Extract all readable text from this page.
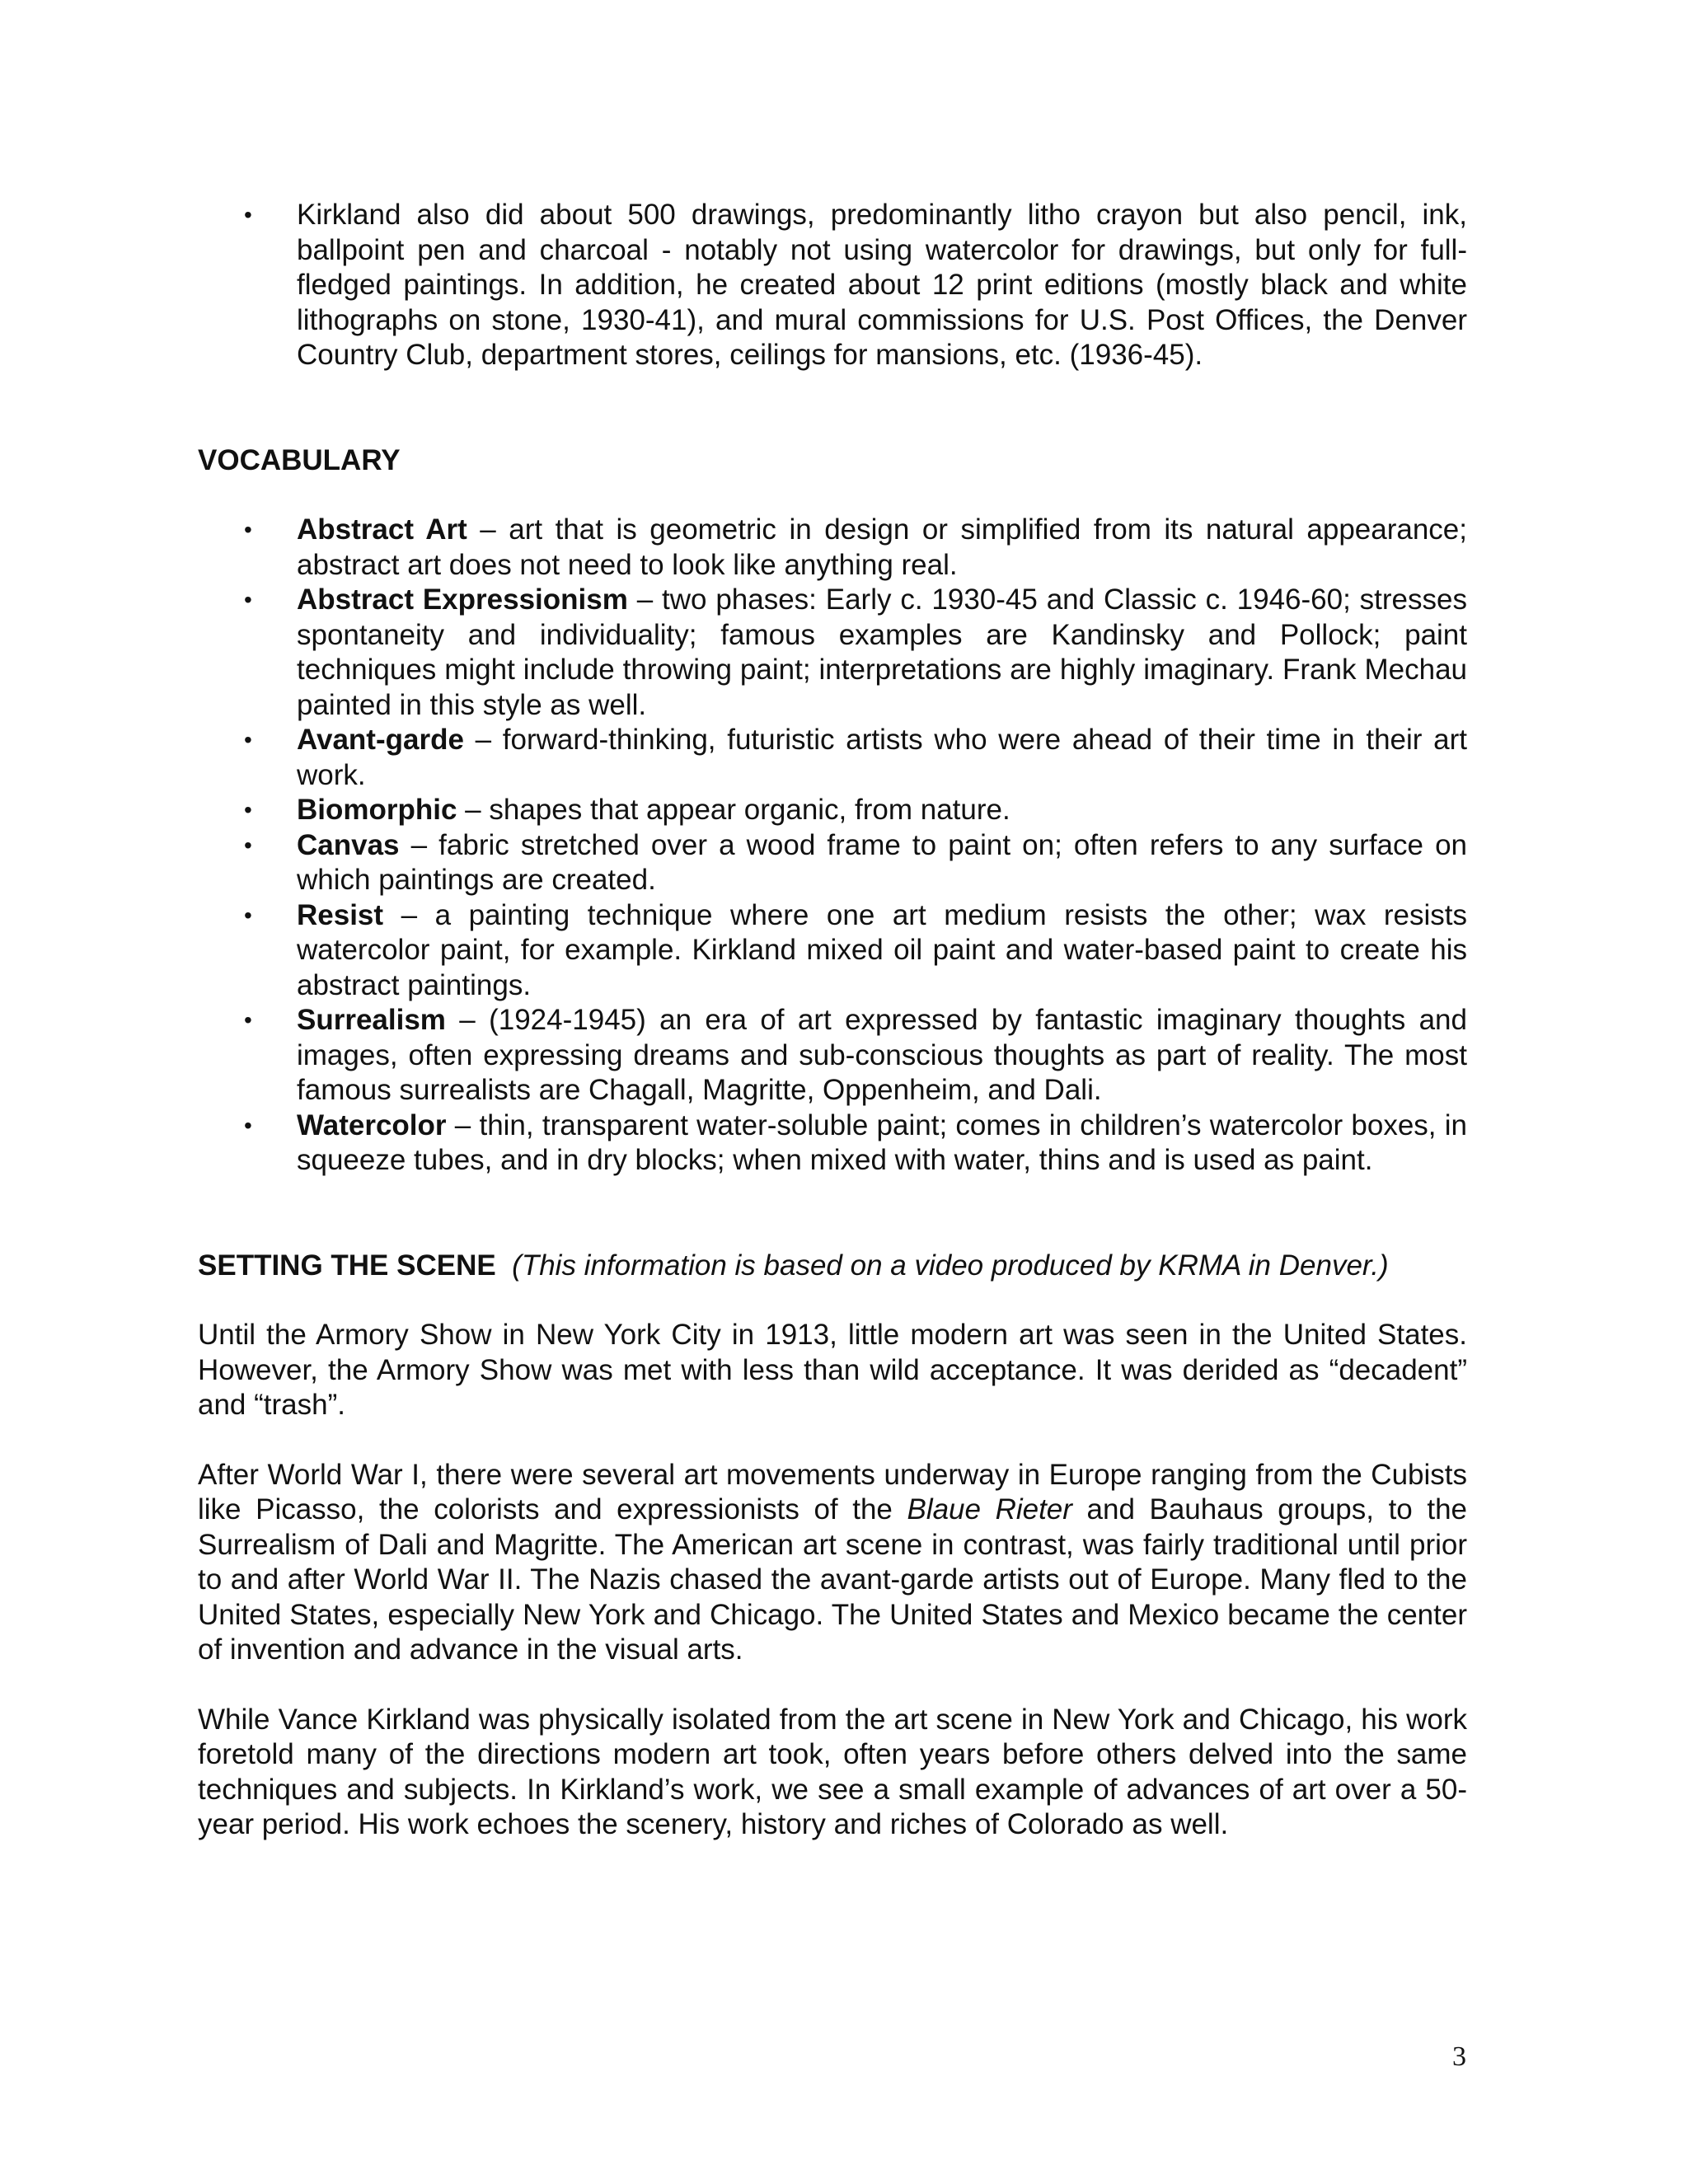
• Kirkland also did about 500 drawings, predominantly litho crayon but also pencil, ink, ballpoint pen and charcoal - notably not using watercolor for drawings, but only for full-fledged paintings. In addition, he created about 12 print editions (mostly black and white lithographs on stone, 1930-41), and mural commissions for U.S. Post Offices, the Denver Country Club, department stores, ceilings for mansions, etc. (1936-45).

VOCABULARY

• Abstract Art – art that is geometric in design or simplified from its natural appearance; abstract art does not need to look like anything real.
• Abstract Expressionism – two phases: Early c. 1930-45 and Classic c. 1946-60; stresses spontaneity and individuality; famous examples are Kandinsky and Pollock; paint techniques might include throwing paint; interpretations are highly imaginary. Frank Mechau painted in this style as well.
• Avant-garde – forward-thinking, futuristic artists who were ahead of their time in their art work.
• Biomorphic – shapes that appear organic, from nature.
• Canvas – fabric stretched over a wood frame to paint on; often refers to any surface on which paintings are created.
• Resist – a painting technique where one art medium resists the other; wax resists watercolor paint, for example. Kirkland mixed oil paint and water-based paint to create his abstract paintings.
• Surrealism – (1924-1945) an era of art expressed by fantastic imaginary thoughts and images, often expressing dreams and sub-conscious thoughts as part of reality. The most famous surrealists are Chagall, Magritte, Oppenheim, and Dali.
• Watercolor – thin, transparent water-soluble paint; comes in children’s watercolor boxes, in squeeze tubes, and in dry blocks; when mixed with water, thins and is used as paint.

SETTING THE SCENE (This information is based on a video produced by KRMA in Denver.)

Until the Armory Show in New York City in 1913, little modern art was seen in the United States. However, the Armory Show was met with less than wild acceptance. It was derided as “decadent” and “trash”.

After World War I, there were several art movements underway in Europe ranging from the Cubists like Picasso, the colorists and expressionists of the Blaue Rieter and Bauhaus groups, to the Surrealism of Dali and Magritte. The American art scene in contrast, was fairly traditional until prior to and after World War II. The Nazis chased the avant-garde artists out of Europe. Many fled to the United States, especially New York and Chicago. The United States and Mexico became the center of invention and advance in the visual arts.

While Vance Kirkland was physically isolated from the art scene in New York and Chicago, his work foretold many of the directions modern art took, often years before others delved into the same techniques and subjects. In Kirkland’s work, we see a small example of advances of art over a 50-year period. His work echoes the scenery, history and riches of Colorado as well.

3
